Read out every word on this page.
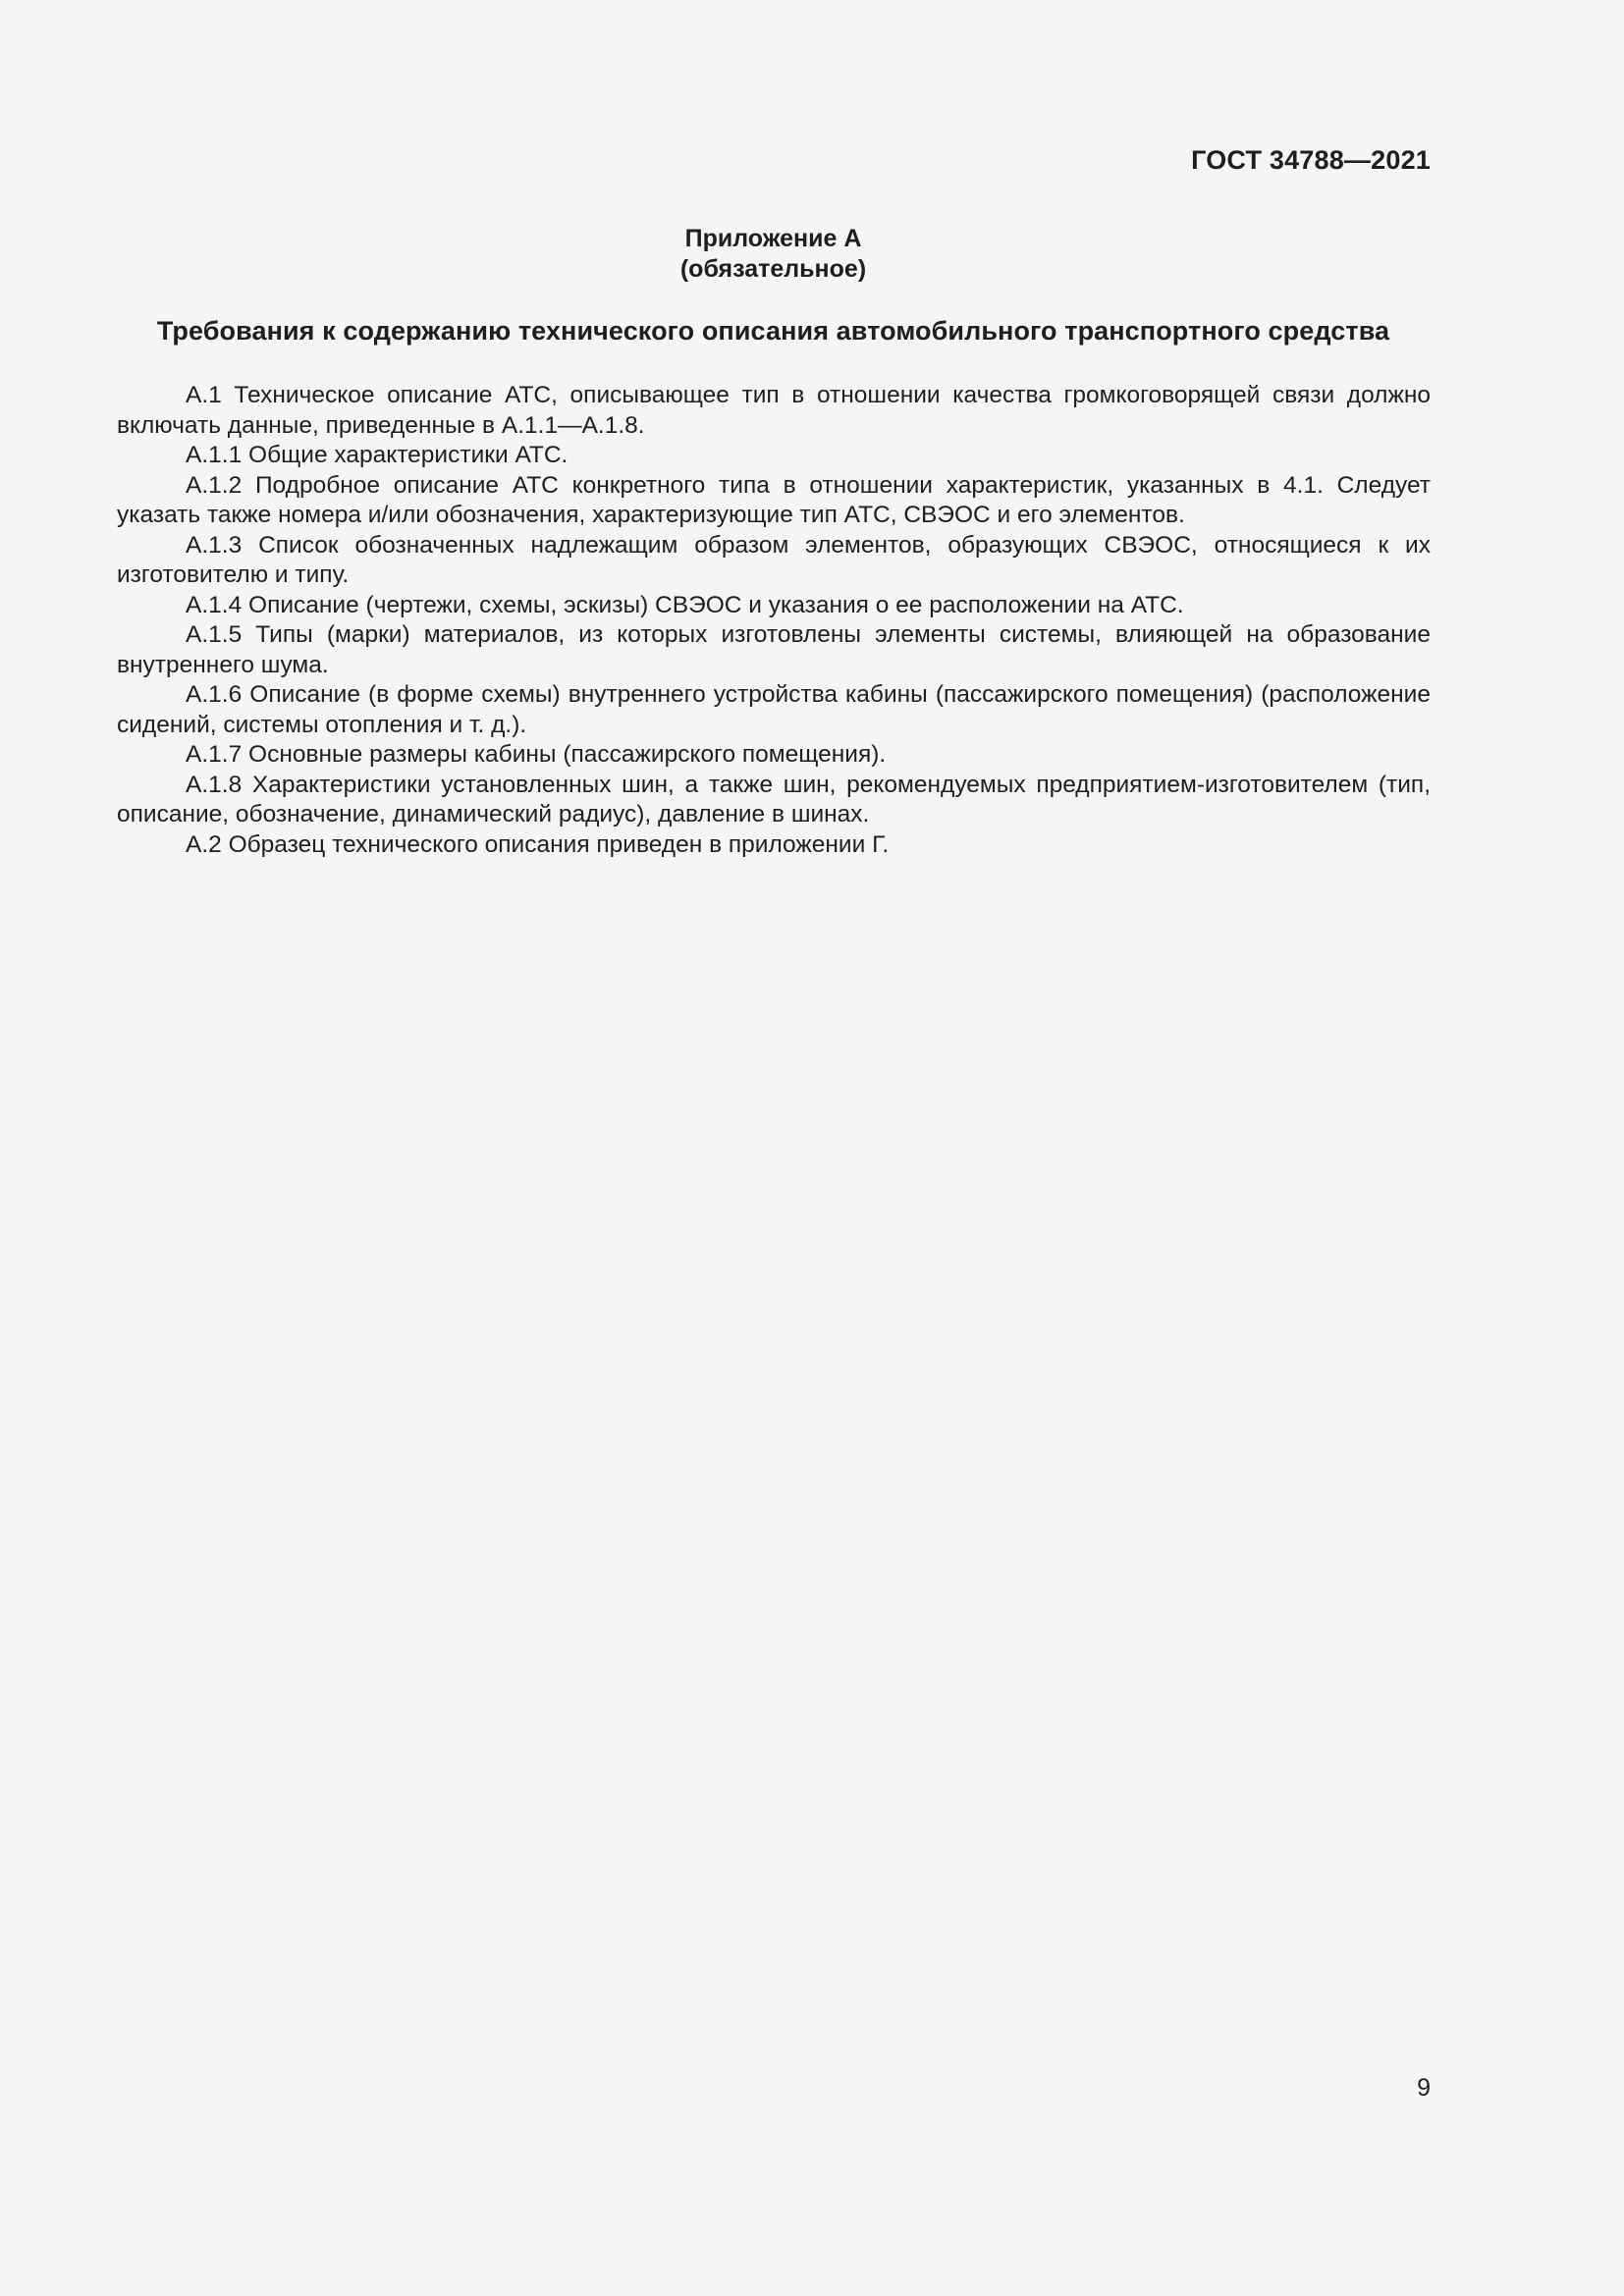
ГОСТ 34788—2021
Приложение А
(обязательное)
Требования к содержанию технического описания автомобильного транспортного средства

А.1 Техническое описание АТС, описывающее тип в отношении качества громкоговорящей связи должно включать данные, приведенные в А.1.1—А.1.8.

А.1.1 Общие характеристики АТС.

А.1.2 Подробное описание АТС конкретного типа в отношении характеристик, указанных в 4.1. Следует указать также номера и/или обозначения, характеризующие тип АТС, СВЭОС и его элементов.

А.1.3 Список обозначенных надлежащим образом элементов, образующих СВЭОС, относящиеся к их изготовителю и типу.

А.1.4 Описание (чертежи, схемы, эскизы) СВЭОС и указания о ее расположении на АТС.

А.1.5 Типы (марки) материалов, из которых изготовлены элементы системы, влияющей на образование внутреннего шума.

А.1.6 Описание (в форме схемы) внутреннего устройства кабины (пассажирского помещения) (расположение сидений, системы отопления и т. д.).

А.1.7 Основные размеры кабины (пассажирского помещения).

А.1.8 Характеристики установленных шин, а также шин, рекомендуемых предприятием-изготовителем (тип, описание, обозначение, динамический радиус), давление в шинах.

А.2 Образец технического описания приведен в приложении Г.

9
